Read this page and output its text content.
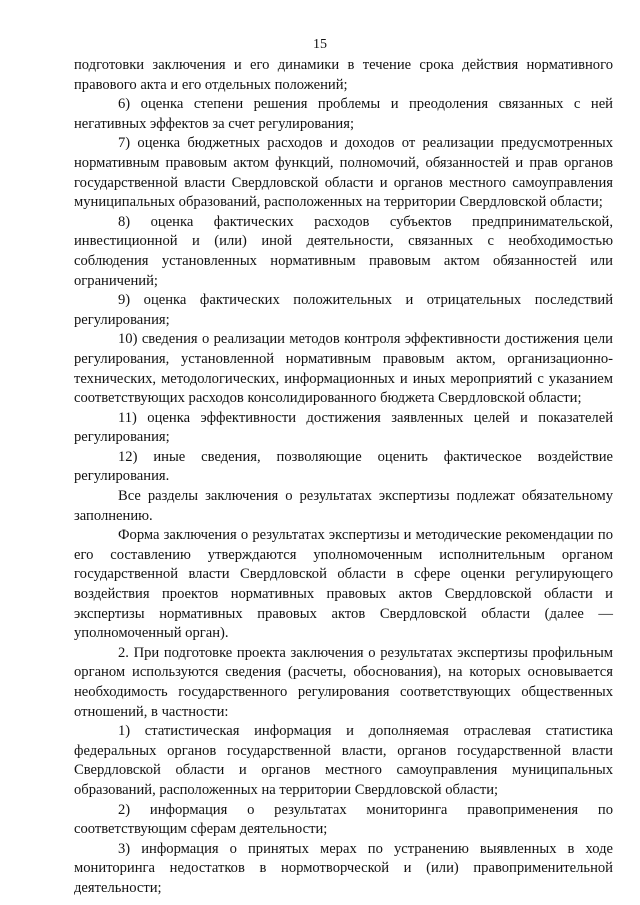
15

подготовки заключения и его динамики в течение срока действия нормативного правового акта и его отдельных положений;

6) оценка степени решения проблемы и преодоления связанных с ней негативных эффектов за счет регулирования;

7) оценка бюджетных расходов и доходов от реализации предусмотренных нормативным правовым актом функций, полномочий, обязанностей и прав органов государственной власти Свердловской области и органов местного самоуправления муниципальных образований, расположенных на территории Свердловской области;

8) оценка фактических расходов субъектов предпринимательской, инвестиционной и (или) иной деятельности, связанных с необходимостью соблюдения установленных нормативным правовым актом обязанностей или ограничений;

9) оценка фактических положительных и отрицательных последствий регулирования;

10) сведения о реализации методов контроля эффективности достижения цели регулирования, установленной нормативным правовым актом, организационно-технических, методологических, информационных и иных мероприятий с указанием соответствующих расходов консолидированного бюджета Свердловской области;

11) оценка эффективности достижения заявленных целей и показателей регулирования;

12) иные сведения, позволяющие оценить фактическое воздействие регулирования.

Все разделы заключения о результатах экспертизы подлежат обязательному заполнению.

Форма заключения о результатах экспертизы и методические рекомендации по его составлению утверждаются уполномоченным исполнительным органом государственной власти Свердловской области в сфере оценки регулирующего воздействия проектов нормативных правовых актов Свердловской области и экспертизы нормативных правовых актов Свердловской области (далее — уполномоченный орган).

2. При подготовке проекта заключения о результатах экспертизы профильным органом используются сведения (расчеты, обоснования), на которых основывается необходимость государственного регулирования соответствующих общественных отношений, в частности:

1) статистическая информация и дополняемая отраслевая статистика федеральных органов государственной власти, органов государственной власти Свердловской области и органов местного самоуправления муниципальных образований, расположенных на территории Свердловской области;

2) информация о результатах мониторинга правоприменения по соответствующим сферам деятельности;

3) информация о принятых мерах по устранению выявленных в ходе мониторинга недостатков в нормотворческой и (или) правоприменительной деятельности;
